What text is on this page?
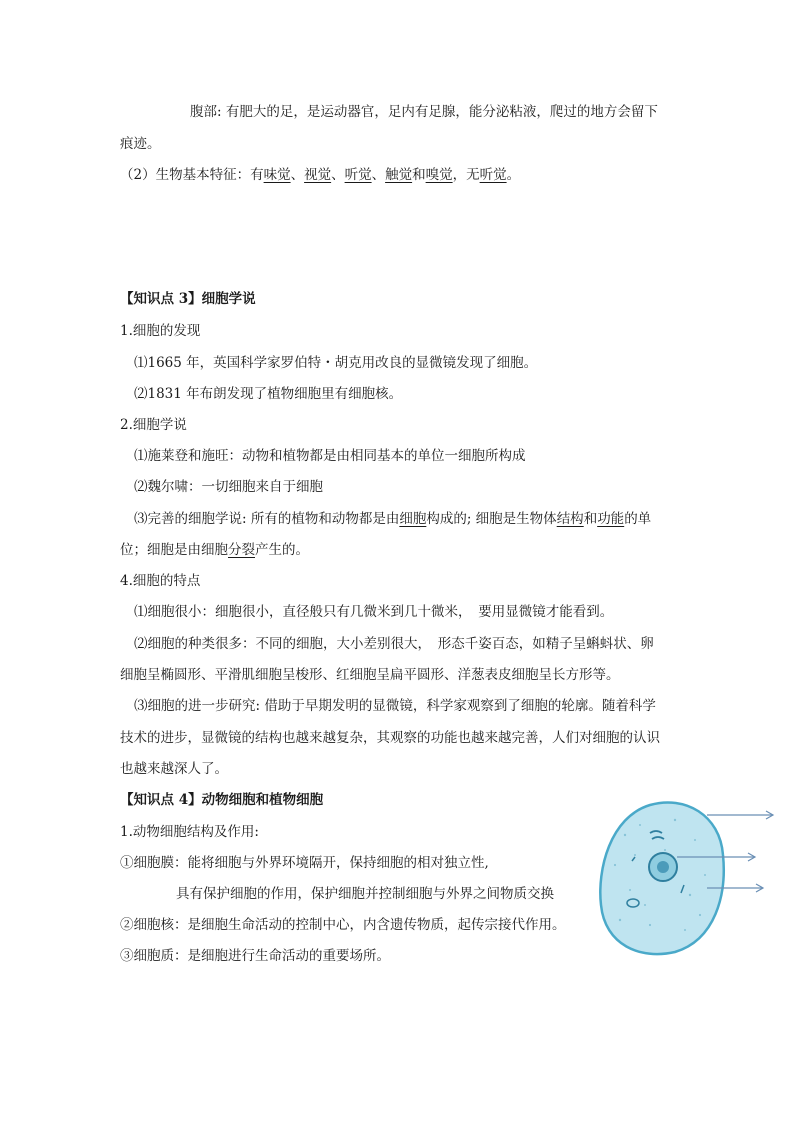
腹部: 有肥大的足，是运动器官，足内有足腺，能分泌粘液，爬过的地方会留下
痕迹。
（2）生物基本特征：有味觉、视觉、听觉、触觉和嗅觉，无听觉。
【知识点 3】细胞学说
1.细胞的发现
⑴1665 年，英国科学家罗伯特・胡克用改良的显微镜发现了细胞。
⑵1831 年布朗发现了植物细胞里有细胞核。
2.细胞学说
⑴施莱登和施旺：动物和植物都是由相同基本的单位一细胞所构成
⑵魏尔啸：一切细胞来自于细胞
⑶完善的细胞学说: 所有的植物和动物都是由细胞构成的; 细胞是生物体结构和功能的单
位；细胞是由细胞分裂产生的。
4.细胞的特点
⑴细胞很小：细胞很小，直径般只有几微米到几十微米，　要用显微镜才能看到。
⑵细胞的种类很多：不同的细胞，大小差别很大，　形态千姿百态，如精子呈蝌蚪状、卵
细胞呈椭圆形、平滑肌细胞呈梭形、红细胞呈扁平圆形、洋葱表皮细胞呈长方形等。
⑶细胞的进一步研究: 借助于早期发明的显微镜，科学家观察到了细胞的轮廓。随着科学
技术的进步，显微镜的结构也越来越复杂，其观察的功能也越来越完善，人们对细胞的认识
也越来越深人了。
【知识点 4】动物细胞和植物细胞
1.动物细胞结构及作用:
①细胞膜：能将细胞与外界环境隔开，保持细胞的相对独立性,
具有保护细胞的作用，保护细胞并控制细胞与外界之间物质交换
②细胞核：是细胞生命活动的控制中心，内含遗传物质，起传宗接代作用。
③细胞质：是细胞进行生命活动的重要场所。
